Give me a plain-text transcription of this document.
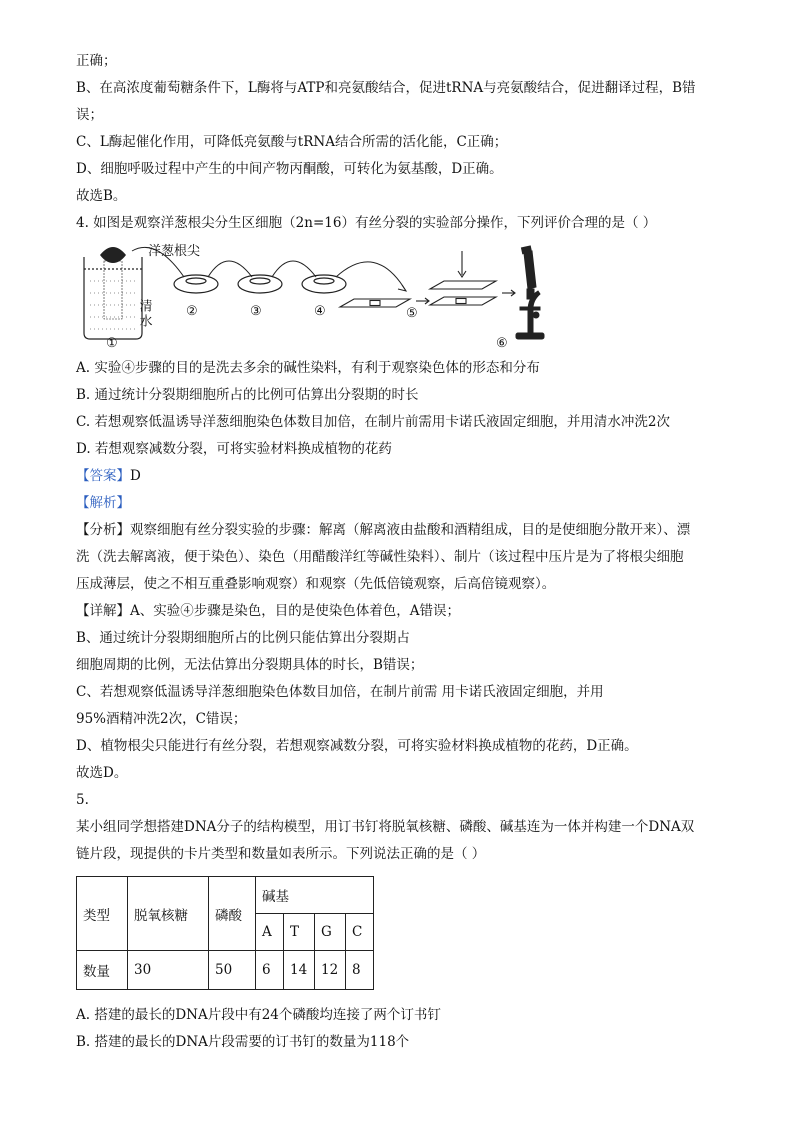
正确；
B、在高浓度葡萄糖条件下，L酶将与ATP和亮氨酸结合，促进tRNA与亮氨酸结合，促进翻译过程，B错
误；
C、L酶起催化作用，可降低亮氨酸与tRNA结合所需的活化能，C正确；
D、细胞呼吸过程中产生的中间产物丙酮酸，可转化为氨基酸，D正确。
故选B。
4. 如图是观察洋葱根尖分生区细胞（2n=16）有丝分裂的实验部分操作，下列评价合理的是（ ）
洋葱根尖
清水
①
②	③	④	⑤
⑥
A. 实验④步骤的目的是洗去多余的碱性染料，有利于观察染色体的形态和分布
B. 通过统计分裂期细胞所占的比例可估算出分裂期的时长
C. 若想观察低温诱导洋葱细胞染色体数目加倍，在制片前需用卡诺氏液固定细胞，并用清水冲洗2次
D. 若想观察减数分裂，可将实验材料换成植物的花药
【答案】D
【解析】
【分析】观察细胞有丝分裂实验的步骤：解离（解离液由盐酸和酒精组成，目的是使细胞分散开来）、漂
洗（洗去解离液，便于染色）、染色（用醋酸洋红等碱性染料）、制片（该过程中压片是为了将根尖细胞
压成薄层，使之不相互重叠影响观察）和观察（先低倍镜观察，后高倍镜观察）。
【详解】A、实验④步骤是染色，目的是使染色体着色，A错误；
B、通过统计分裂期细胞所占的比例只能估算出分裂期占
细胞周期的比例，无法估算出分裂期具体的时长，B错误；
C、若想观察低温诱导洋葱细胞染色体数目加倍，在制片前需 用卡诺氏液固定细胞，并用
95%酒精冲洗2次，C错误；
D、植物根尖只能进行有丝分裂，若想观察减数分裂，可将实验材料换成植物的花药，D正确。
故选D。
5.
某小组同学想搭建DNA分子的结构模型，用订书钉将脱氧核糖、磷酸、碱基连为一体并构建一个DNA双
链片段，现提供的卡片类型和数量如表所示。下列说法正确的是（ ）
类型	脱氧核糖	磷酸	碱基			
			A	T	G	C
数量	30	50	6	14	12	8
A. 搭建的最长的DNA片段中有24个磷酸均连接了两个订书钉
B. 搭建的最长的DNA片段需要的订书钉的数量为118个
